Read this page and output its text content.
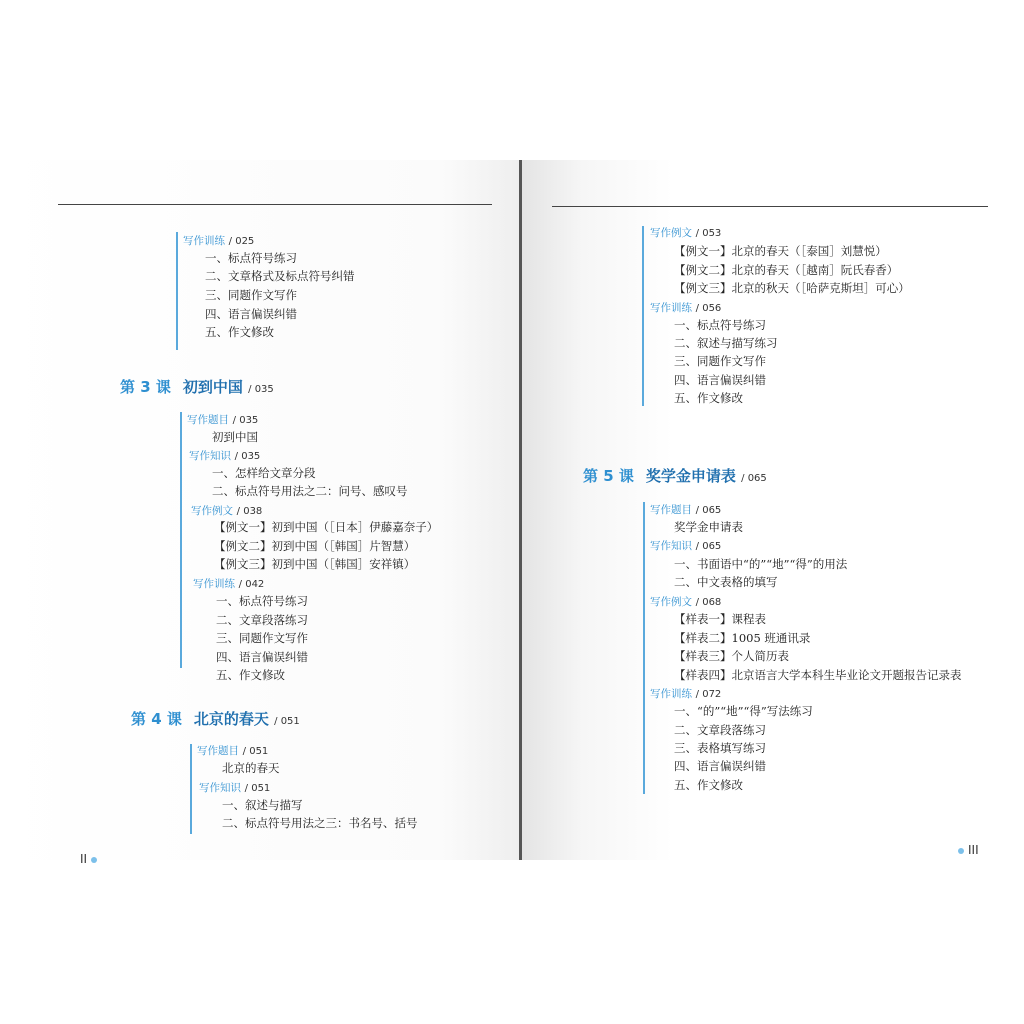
写作训练 / 025
一、标点符号练习
二、文章格式及标点符号纠错
三、同题作文写作
四、语言偏误纠错
五、作文修改
第 3 课 初到中国 / 035
写作题目 / 035
初到中国
写作知识 / 035
一、怎样给文章分段
二、标点符号用法之二：问号、感叹号
写作例文 / 038
【例文一】初到中国（［日本］伊藤嘉奈子）
【例文二】初到中国（［韩国］片智慧）
【例文三】初到中国（［韩国］安祥镇）
写作训练 / 042
一、标点符号练习
二、文章段落练习
三、同题作文写作
四、语言偏误纠错
五、作文修改
第 4 课 北京的春天 / 051
写作题目 / 051
北京的春天
写作知识 / 051
一、叙述与描写
二、标点符号用法之三：书名号、括号
II
写作例文 / 053
【例文一】北京的春天（［泰国］刘慧悦）
【例文二】北京的春天（［越南］阮氏春香）
【例文三】北京的秋天（［哈萨克斯坦］可心）
写作训练 / 056
一、标点符号练习
二、叙述与描写练习
三、同题作文写作
四、语言偏误纠错
五、作文修改
第 5 课 奖学金申请表 / 065
写作题目 / 065
奖学金申请表
写作知识 / 065
一、书面语中“的”“地”“得”的用法
二、中文表格的填写
写作例文 / 068
【样表一】课程表
【样表二】1005 班通讯录
【样表三】个人简历表
【样表四】北京语言大学本科生毕业论文开题报告记录表
写作训练 / 072
一、“的”“地”“得”写法练习
二、文章段落练习
三、表格填写练习
四、语言偏误纠错
五、作文修改
III
